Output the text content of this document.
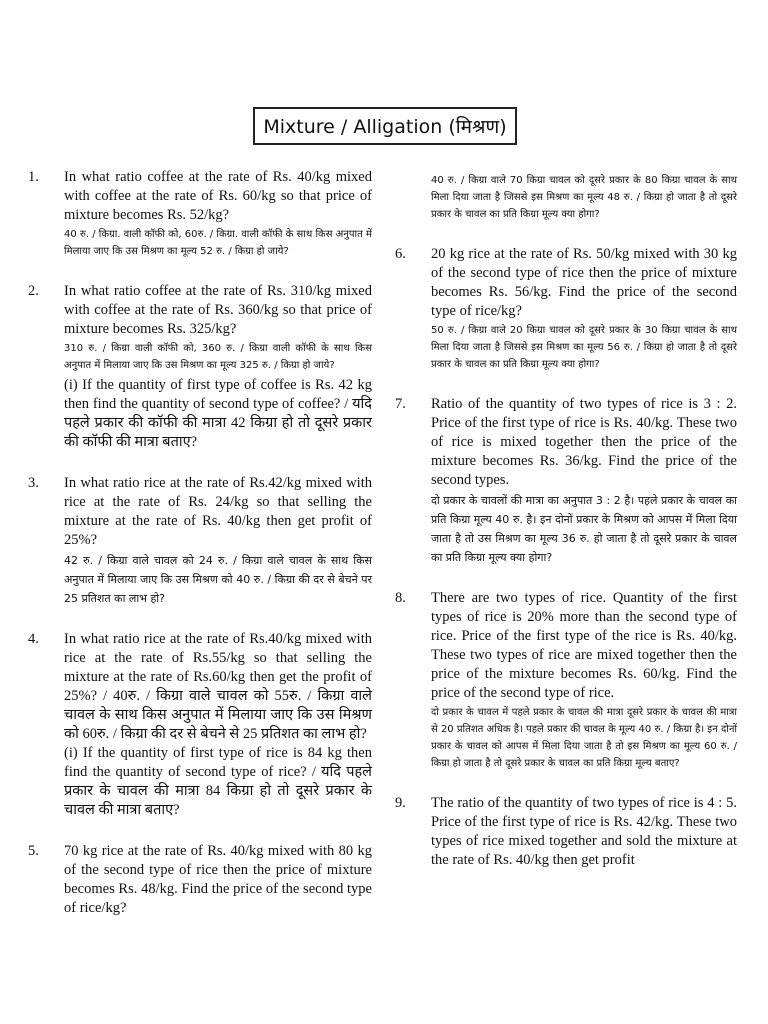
Mixture / Alligation (मिश्रण)
1. In what ratio coffee at the rate of Rs. 40/kg mixed with coffee at the rate of Rs. 60/kg so that price of mixture becomes Rs. 52/kg?

40 रु. / किग्रा. वाली कॉफी को, 60रु. / किग्रा. वाली कॉफी के साथ किस अनुपात में मिलाया जाए कि उस मिश्रण का मूल्य 52 रु. / किग्रा हो जाये?

2. In what ratio coffee at the rate of Rs. 310/kg mixed with coffee at the rate of Rs. 360/kg so that price of mixture becomes Rs. 325/kg?

310 रु. / किग्रा वाली कॉफी को, 360 रु. / किग्रा वाली कॉफी के साथ किस अनुपात में मिलाया जाए कि उस मिश्रण का मूल्य 325 रु. / किग्रा हो जाये?

(i) If the quantity of first type of coffee is Rs. 42 kg then find the quantity of second type of coffee? / यदि पहले प्रकार की कॉफी की मात्रा 42 किग्रा हो तो दूसरे प्रकार की कॉफी की मात्रा बताए?

3. In what ratio rice at the rate of Rs.42/kg mixed with rice at the rate of Rs. 24/kg so that selling the mixture at the rate of Rs. 40/kg then get profit of 25%?

42 रु. / किग्रा वाले चावल को 24 रु. / किग्रा वाले चावल के साथ किस अनुपात में मिलाया जाए कि उस मिश्रण को 40 रु. / किग्रा की दर से बेचने पर 25 प्रतिशत का लाभ हो?

4. In what ratio rice at the rate of Rs.40/kg mixed with rice at the rate of Rs.55/kg so that selling the mixture at the rate of Rs.60/kg then get the profit of 25%? / 40रु. / किग्रा वाले चावल को 55रु. / किग्रा वाले चावल के साथ किस अनुपात में मिलाया जाए कि उस मिश्रण को 60रु. / किग्रा की दर से बेचने से 25 प्रतिशत का लाभ हो?

(i) If the quantity of first type of rice is 84 kg then find the quantity of second type of rice? / यदि पहले प्रकार के चावल की मात्रा 84 किग्रा हो तो दूसरे प्रकार के चावल की मात्रा बताए?

5. 70 kg rice at the rate of Rs. 40/kg mixed with 80 kg of the second type of rice then the price of mixture becomes Rs. 48/kg. Find the price of the second type of rice/kg?

40 रु. / किग्रा वाले 70 किग्रा चावल को दूसरे प्रकार के 80 किग्रा चावल के साथ मिला दिया जाता है जिससे इस मिश्रण का मूल्य 48 रु. / किग्रा हो जाता है तो दूसरे प्रकार के चावल का प्रति किग्रा मूल्य क्या होगा?

6. 20 kg rice at the rate of Rs. 50/kg mixed with 30 kg of the second type of rice then the price of mixture becomes Rs. 56/kg. Find the price of the second type of rice/kg?

50 रु. / किग्रा वाले 20 किग्रा चावल को दूसरे प्रकार के 30 किग्रा चावल के साथ मिला दिया जाता है जिससे इस मिश्रण का मूल्य 56 रु. / किग्रा हो जाता है तो दूसरे प्रकार के चावल का प्रति किग्रा मूल्य क्या होगा?

7. Ratio of the quantity of two types of rice is 3 : 2. Price of the first type of rice is Rs. 40/kg. These two of rice is mixed together then the price of the mixture becomes Rs. 36/kg. Find the price of the second types.

दो प्रकार के चावलों की मात्रा का अनुपात 3 : 2 है। पहले प्रकार के चावल का प्रति किग्रा मूल्य 40 रु. है। इन दोनों प्रकार के मिश्रण को आपस में मिला दिया जाता है तो उस मिश्रण का मूल्य 36 रु. हो जाता है तो दूसरे प्रकार के चावल का प्रति किग्रा मूल्य क्या होगा?

8. There are two types of rice. Quantity of the first types of rice is 20% more than the second type of rice. Price of the first type of the rice is Rs. 40/kg. These two types of rice are mixed together then the price of the mixture becomes Rs. 60/kg. Find the price of the second type of rice.

दो प्रकार के चावल में पहले प्रकार के चावल की मात्रा दूसरे प्रकार के चावल की मात्रा से 20 प्रतिशत अधिक है। पहले प्रकार की चावल के मूल्य 40 रु. / किग्रा है। इन दोनों प्रकार के चावल को आपस में मिला दिया जाता है तो इस मिश्रण का मूल्य 60 रु. / किग्रा हो जाता है तो दूसरे प्रकार के चावल का प्रति किग्रा मूल्य बताए?

9. The ratio of the quantity of two types of rice is 4 : 5. Price of the first type of rice is Rs. 42/kg. These two types of rice mixed together and sold the mixture at the rate of Rs. 40/kg then get profit
